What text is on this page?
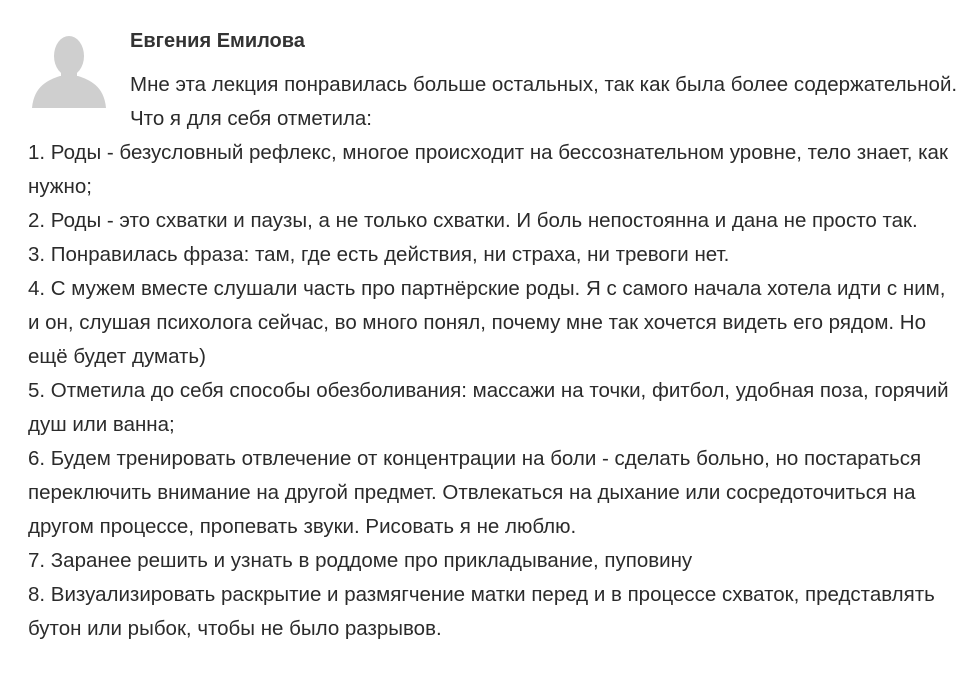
Евгения Емилова

Мне эта лекция понравилась больше остальных, так как была более содержательной. Что я для себя отметила:

1. Роды - безусловный рефлекс, многое происходит на бессознательном уровне, тело знает, как нужно;

2. Роды - это схватки и паузы, а не только схватки. И боль непостоянна и дана не просто так.

3. Понравилась фраза: там, где есть действия, ни страха, ни тревоги нет.

4. С мужем вместе слушали часть про партнёрские роды. Я с самого начала хотела идти с ним, и он, слушая психолога сейчас, во много понял, почему мне так хочется видеть его рядом. Но ещё будет думать)

5. Отметила до себя способы обезболивания: массажи на точки, фитбол, удобная поза, горячий душ или ванна;

6. Будем тренировать отвлечение от концентрации на боли - сделать больно, но постараться переключить внимание на другой предмет. Отвлекаться на дыхание или сосредоточиться на другом процессе, пропевать звуки. Рисовать я не люблю.

7. Заранее решить и узнать в роддоме про прикладывание, пуповину

8. Визуализировать раскрытие и размягчение матки перед и в процессе схваток, представлять бутон или рыбок, чтобы не было разрывов.
